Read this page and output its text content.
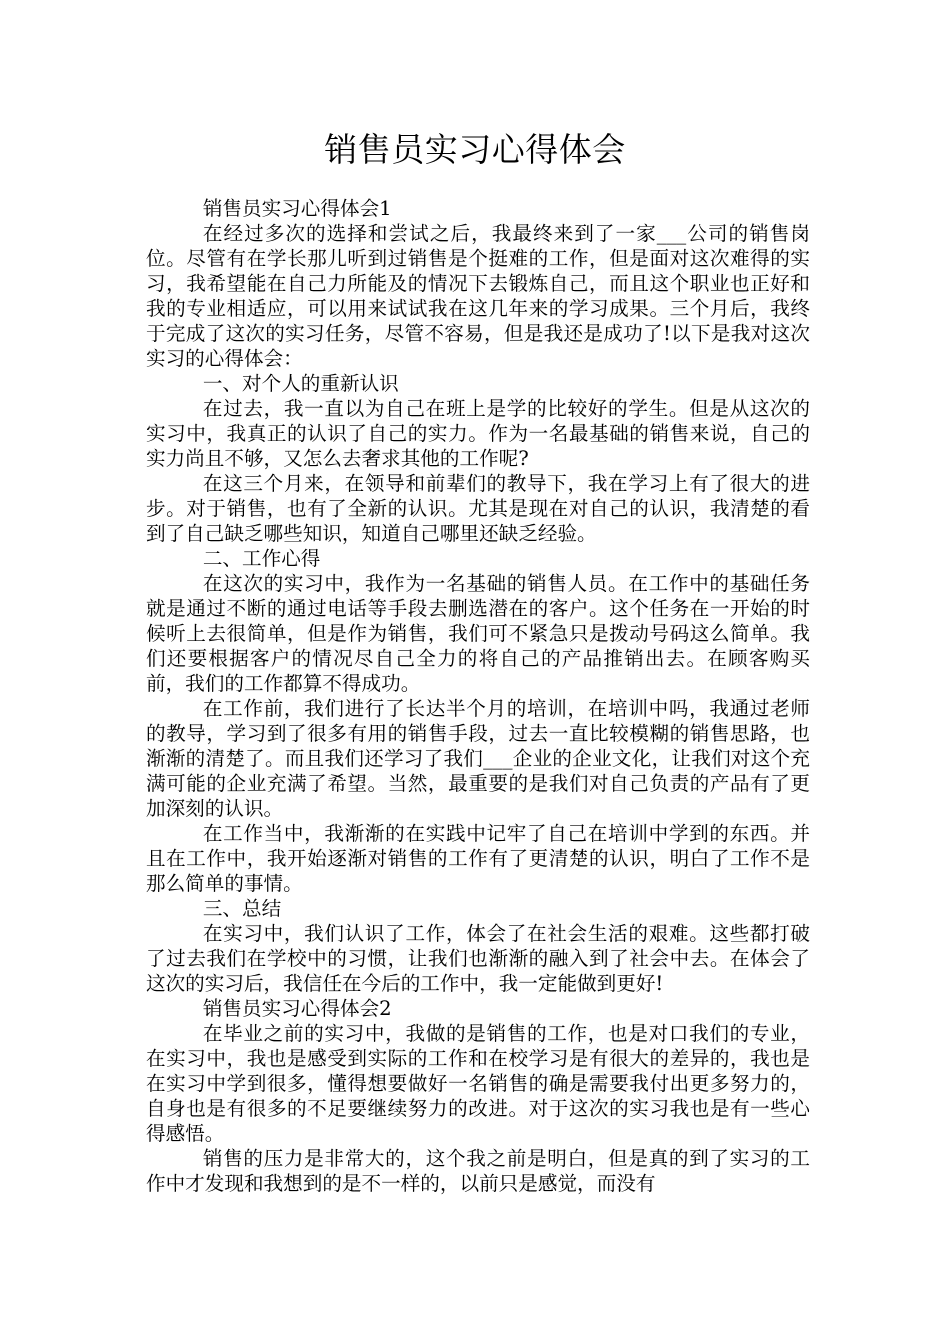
销售员实习心得体会

销售员实习心得体会1

在经过多次的选择和尝试之后，我最终来到了一家___公司的销售岗位。尽管有在学长那儿听到过销售是个挺难的工作，但是面对这次难得的实习，我希望能在自己力所能及的情况下去锻炼自己，而且这个职业也正好和我的专业相适应，可以用来试试我在这几年来的学习成果。三个月后，我终于完成了这次的实习任务，尽管不容易，但是我还是成功了!以下是我对这次实习的心得体会：

一、对个人的重新认识

在过去，我一直以为自己在班上是学的比较好的学生。但是从这次的实习中，我真正的认识了自己的实力。作为一名最基础的销售来说，自己的实力尚且不够，又怎么去奢求其他的工作呢?

在这三个月来，在领导和前辈们的教导下，我在学习上有了很大的进步。对于销售，也有了全新的认识。尤其是现在对自己的认识，我清楚的看到了自己缺乏哪些知识，知道自己哪里还缺乏经验。

二、工作心得

在这次的实习中，我作为一名基础的销售人员。在工作中的基础任务就是通过不断的通过电话等手段去删选潜在的客户。这个任务在一开始的时候听上去很简单，但是作为销售，我们可不紧急只是拨动号码这么简单。我们还要根据客户的情况尽自己全力的将自己的产品推销出去。在顾客购买前，我们的工作都算不得成功。

在工作前，我们进行了长达半个月的培训，在培训中吗，我通过老师的教导，学习到了很多有用的销售手段，过去一直比较模糊的销售思路，也渐渐的清楚了。而且我们还学习了我们___企业的企业文化，让我们对这个充满可能的企业充满了希望。当然，最重要的是我们对自己负责的产品有了更加深刻的认识。

在工作当中，我渐渐的在实践中记牢了自己在培训中学到的东西。并且在工作中，我开始逐渐对销售的工作有了更清楚的认识，明白了工作不是那么简单的事情。

三、总结

在实习中，我们认识了工作，体会了在社会生活的艰难。这些都打破了过去我们在学校中的习惯，让我们也渐渐的融入到了社会中去。在体会了这次的实习后，我信任在今后的工作中，我一定能做到更好!

销售员实习心得体会2

在毕业之前的实习中，我做的是销售的工作，也是对口我们的专业，在实习中，我也是感受到实际的工作和在校学习是有很大的差异的，我也是在实习中学到很多，懂得想要做好一名销售的确是需要我付出更多努力的，自身也是有很多的不足要继续努力的改进。对于这次的实习我也是有一些心得感悟。

销售的压力是非常大的，这个我之前是明白，但是真的到了实习的工作中才发现和我想到的是不一样的，以前只是感觉，而没有
